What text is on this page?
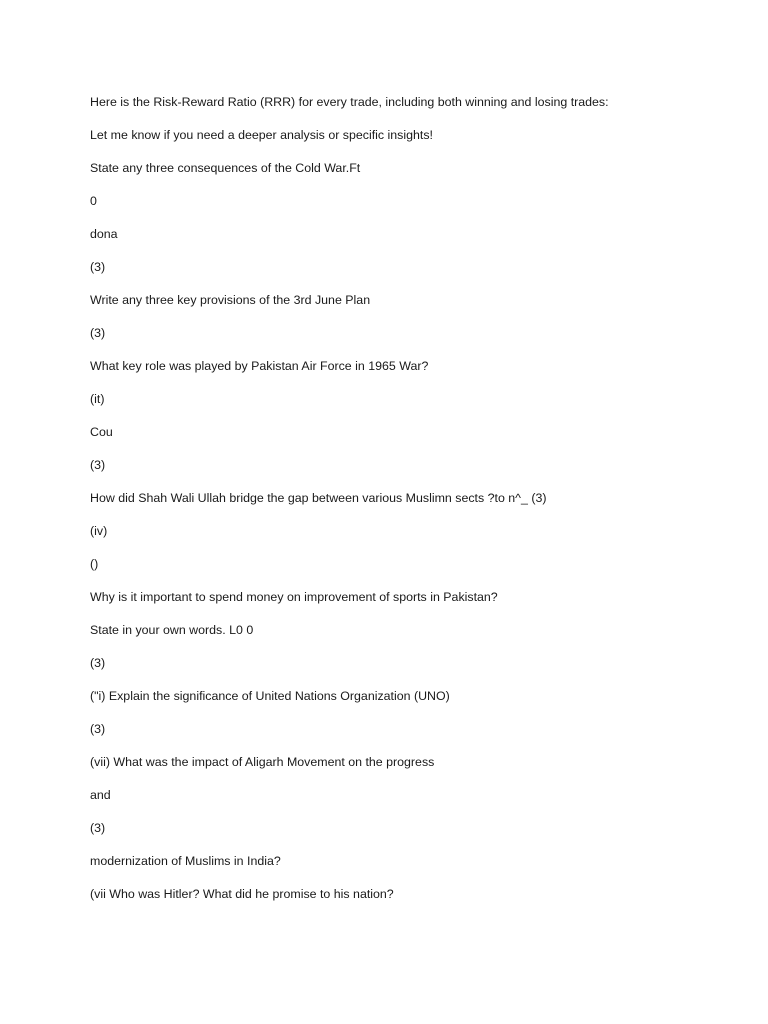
Here is the Risk-Reward Ratio (RRR) for every trade, including both winning and losing trades:
Let me know if you need a deeper analysis or specific insights!
State any three consequences of the Cold War.Ft
0
dona
(3)
Write any three key provisions of the 3rd June Plan
(3)
What key role was played by Pakistan Air Force in 1965 War?
(it)
Cou
(3)
How did Shah Wali Ullah bridge the gap between various Muslimn sects ?to n^_ (3)
(iv)
()
Why is it important to spend money on improvement of sports in Pakistan?
State in your own words. L0 0
(3)
("i) Explain the significance of United Nations Organization (UNO)
(3)
(vii) What was the impact of Aligarh Movement on the progress
and
(3)
modernization of Muslims in India?
(vii Who was Hitler? What did he promise to his nation?
